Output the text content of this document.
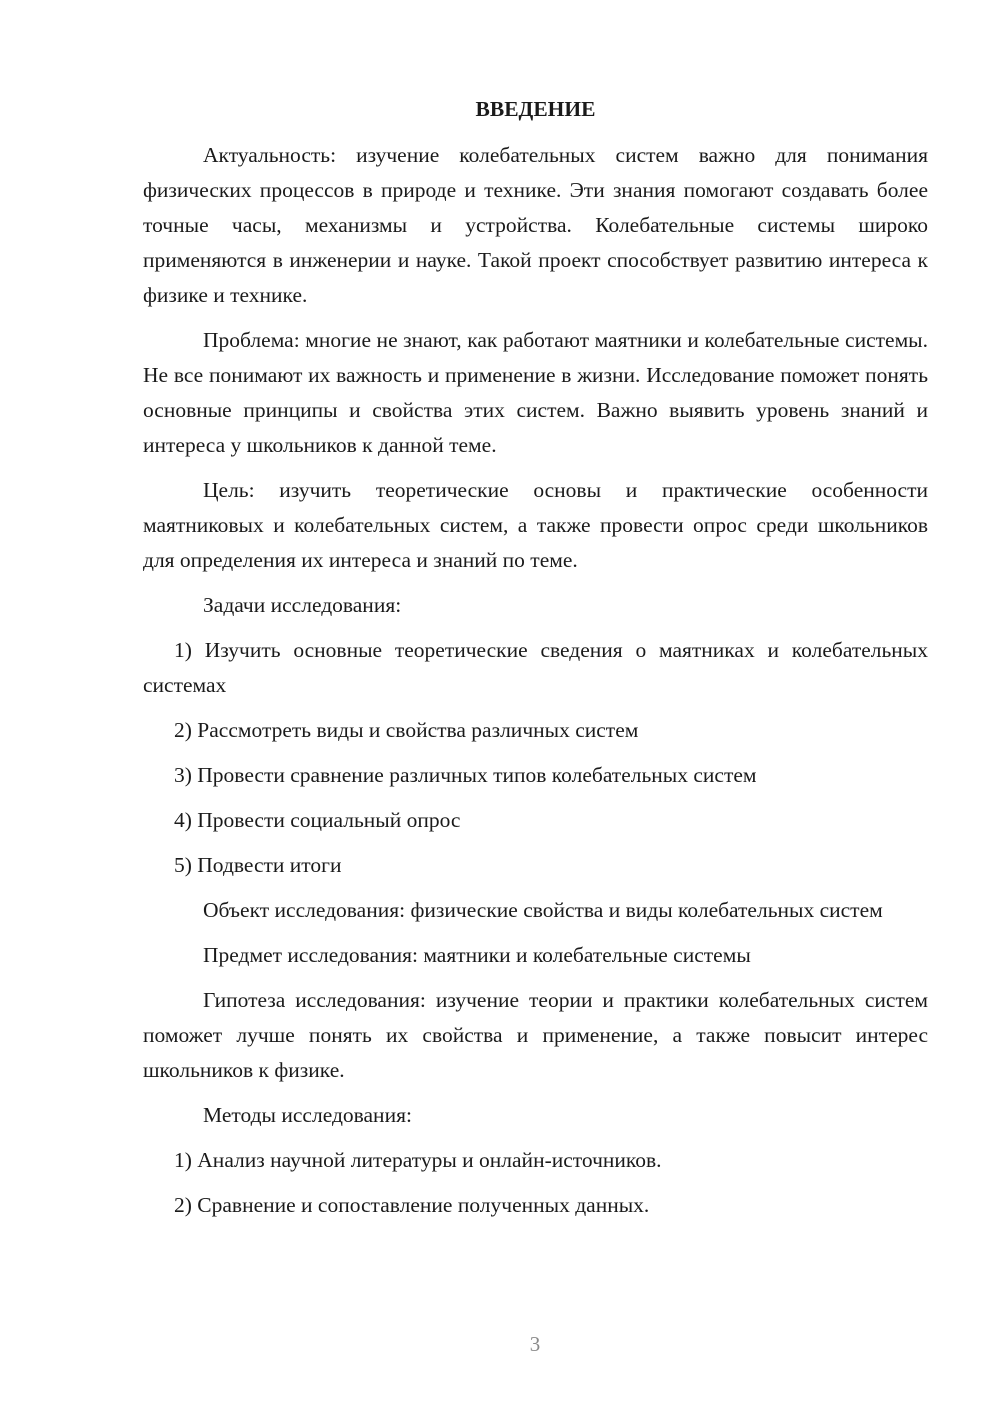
ВВЕДЕНИЕ

Актуальность: изучение колебательных систем важно для понимания физических процессов в природе и технике. Эти знания помогают создавать более точные часы, механизмы и устройства. Колебательные системы широко применяются в инженерии и науке. Такой проект способствует развитию интереса к физике и технике.

Проблема: многие не знают, как работают маятники и колебательные системы. Не все понимают их важность и применение в жизни. Исследование поможет понять основные принципы и свойства этих систем. Важно выявить уровень знаний и интереса у школьников к данной теме.

Цель: изучить теоретические основы и практические особенности маятниковых и колебательных систем, а также провести опрос среди школьников для определения их интереса и знаний по теме.

Задачи исследования:

1) Изучить основные теоретические сведения о маятниках и колебательных системах

2) Рассмотреть виды и свойства различных систем

3) Провести сравнение различных типов колебательных систем

4) Провести социальный опрос

5) Подвести итоги

Объект исследования: физические свойства и виды колебательных систем

Предмет исследования: маятники и колебательные системы

Гипотеза исследования: изучение теории и практики колебательных систем поможет лучше понять их свойства и применение, а также повысит интерес школьников к физике.

Методы исследования:

1) Анализ научной литературы и онлайн-источников.

2) Сравнение и сопоставление полученных данных.

3
